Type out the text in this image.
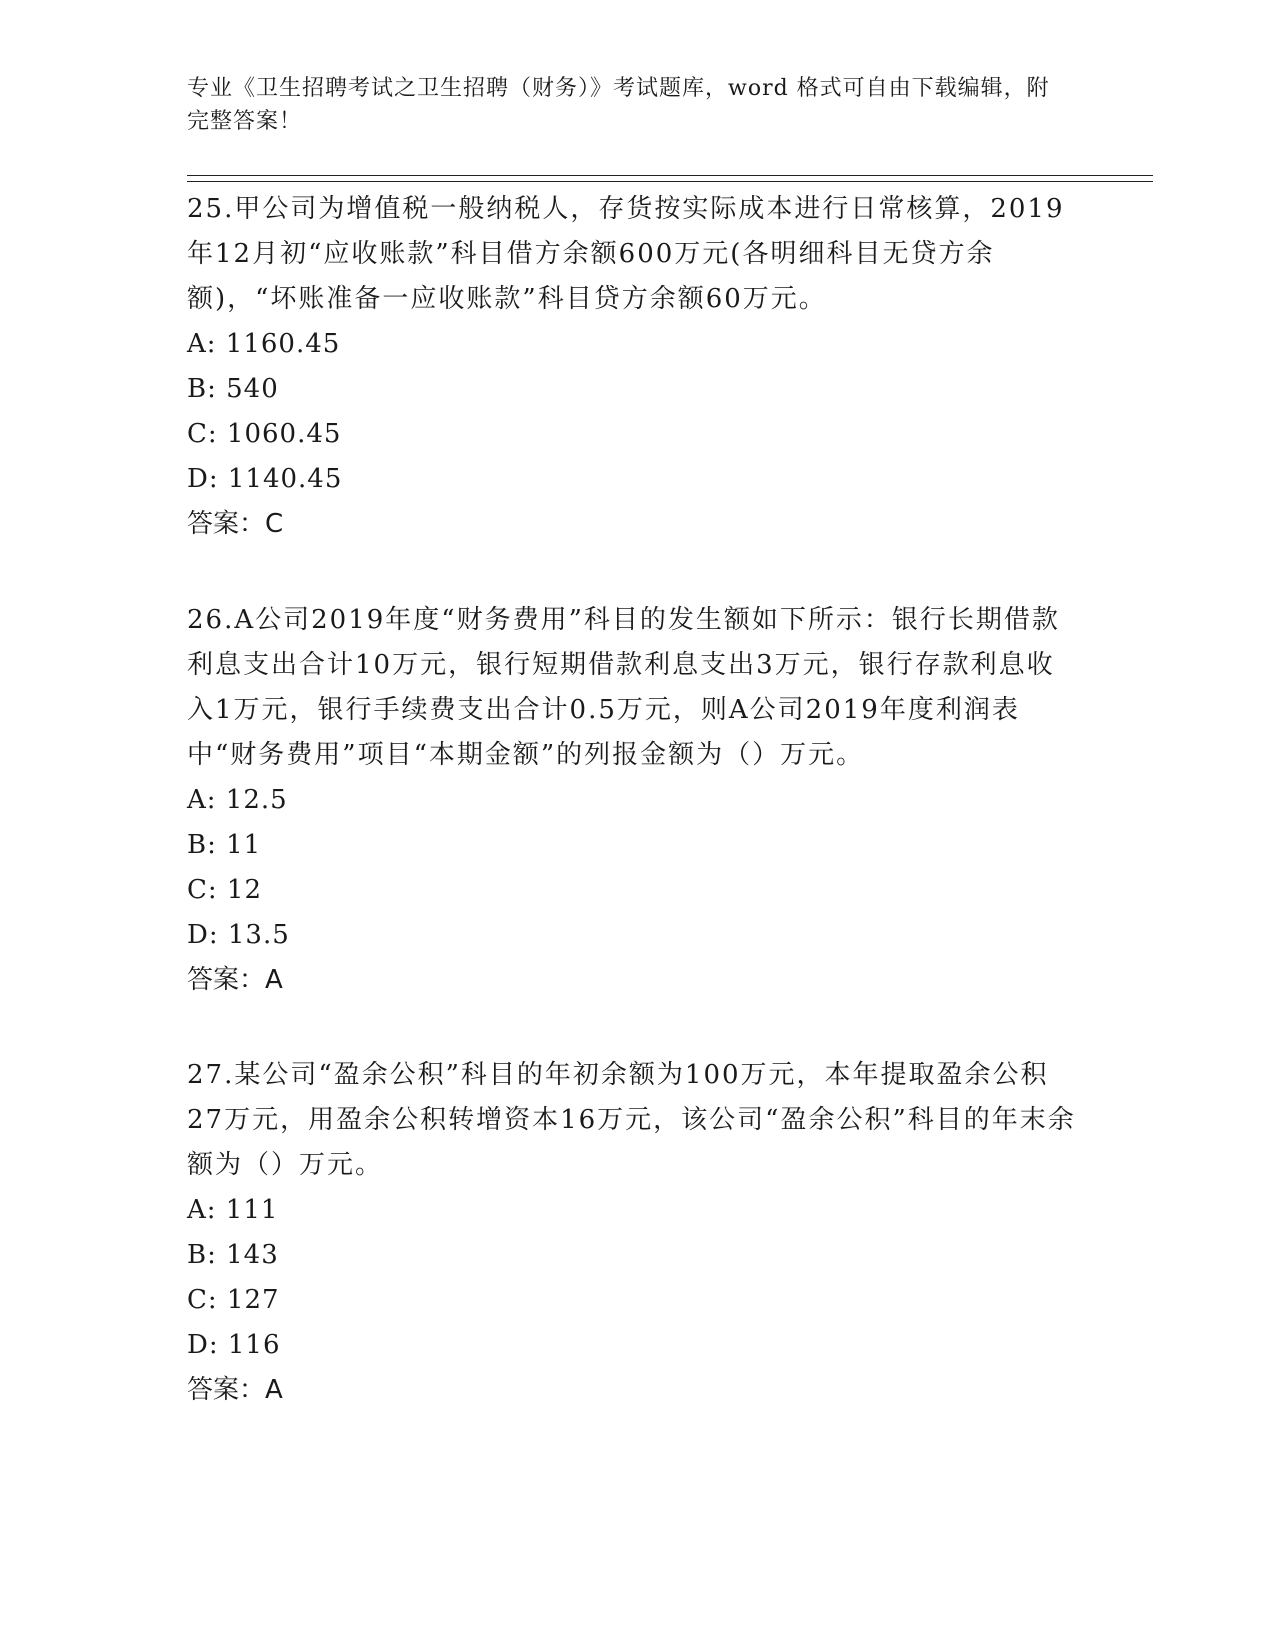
专业《卫生招聘考试之卫生招聘（财务）》考试题库，word 格式可自由下载编辑，附完整答案！

25.甲公司为增值税一般纳税人，存货按实际成本进行日常核算，2019年12月初“应收账款”科目借方余额600万元(各明细科目无贷方余额)，“坏账准备一应收账款”科目贷方余额60万元。

A: 1160.45

B: 540

C: 1060.45

D: 1140.45

答案：C

26.A公司2019年度“财务费用”科目的发生额如下所示：银行长期借款利息支出合计10万元，银行短期借款利息支出3万元，银行存款利息收入1万元，银行手续费支出合计0.5万元，则A公司2019年度利润表中“财务费用”项目“本期金额”的列报金额为（）万元。

A: 12.5

B: 11

C: 12

D: 13.5

答案：A

27.某公司“盈余公积”科目的年初余额为100万元，本年提取盈余公积27万元，用盈余公积转增资本16万元，该公司“盈余公积”科目的年末余额为（）万元。

A: 111

B: 143

C: 127

D: 116

答案：A
